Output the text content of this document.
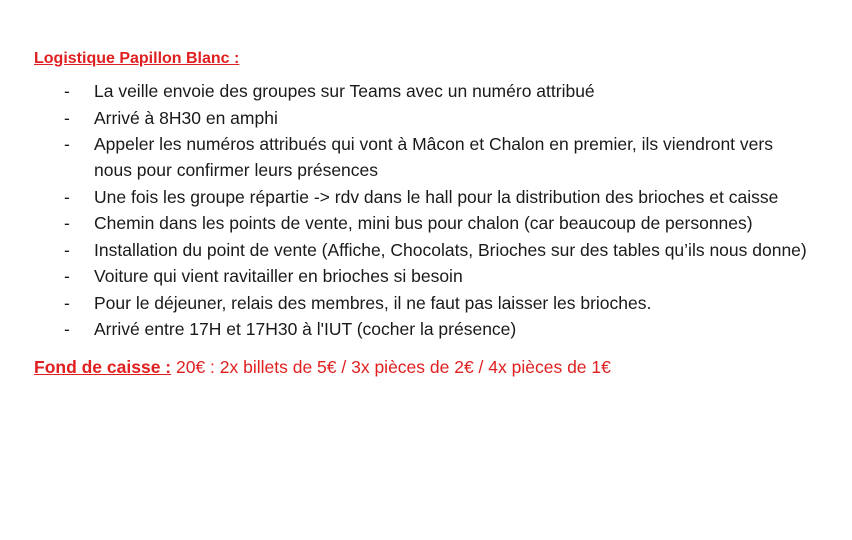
Logistique Papillon Blanc :
- La veille envoie des groupes sur Teams avec un numéro attribué
- Arrivé à 8H30 en amphi
- Appeler les numéros attribués qui vont à Mâcon et Chalon en premier, ils viendront vers nous pour confirmer leurs présences
- Une fois les groupe répartie -> rdv dans le hall pour la distribution des brioches et caisse
- Chemin dans les points de vente, mini bus pour chalon (car beaucoup de personnes)
- Installation du point de vente (Affiche, Chocolats, Brioches sur des tables qu’ils nous donne)
- Voiture qui vient ravitailler en brioches si besoin
- Pour le déjeuner, relais des membres, il ne faut pas laisser les brioches.
- Arrivé entre 17H et 17H30 à l'IUT (cocher la présence)
Fond de caisse : 20€ : 2x billets de 5€ / 3x pièces de 2€ / 4x pièces de 1€
